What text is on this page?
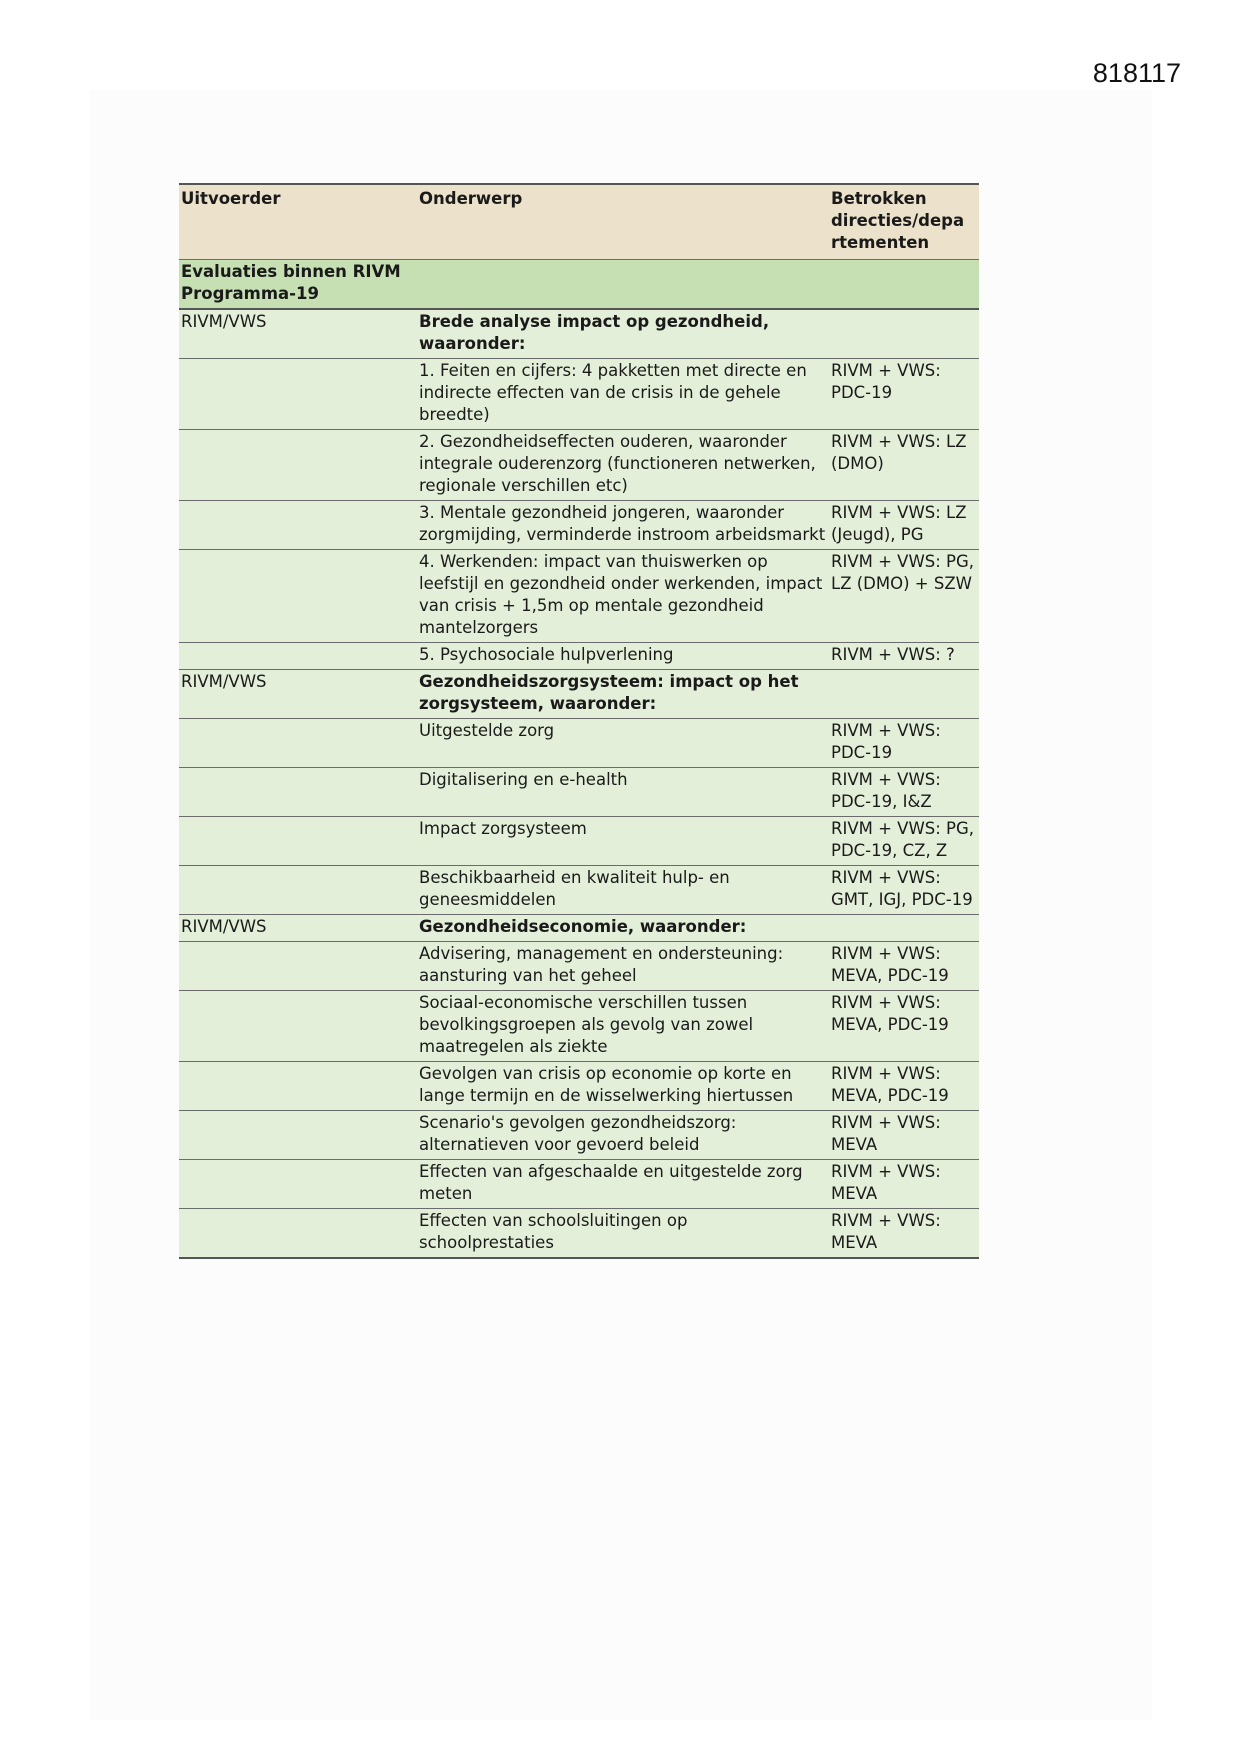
818117
Uitvoerder	Onderwerp	Betrokken directies/depa rtementen
Evaluaties binnen RIVM Programma-19		
RIVM/VWS	Brede analyse impact op gezondheid, waaronder:	
	1. Feiten en cijfers: 4 pakketten met directe en indirecte effecten van de crisis in de gehele breedte)	RIVM + VWS: PDC-19
	2. Gezondheidseffecten ouderen, waaronder integrale ouderenzorg (functioneren netwerken, regionale verschillen etc)	RIVM + VWS: LZ (DMO)
	3. Mentale gezondheid jongeren, waaronder zorgmijding, verminderde instroom arbeidsmarkt	RIVM + VWS: LZ (Jeugd), PG
	4. Werkenden: impact van thuiswerken op leefstijl en gezondheid onder werkenden, impact van crisis + 1,5m op mentale gezondheid mantelzorgers	RIVM + VWS: PG, LZ (DMO) + SZW
	5. Psychosociale hulpverlening	RIVM + VWS: ?
RIVM/VWS	Gezondheidszorgsysteem: impact op het zorgsysteem, waaronder:	
	Uitgestelde zorg	RIVM + VWS: PDC-19
	Digitalisering en e-health	RIVM + VWS: PDC-19, I&Z
	Impact zorgsysteem	RIVM + VWS: PG, PDC-19, CZ, Z
	Beschikbaarheid en kwaliteit hulp- en geneesmiddelen	RIVM + VWS: GMT, IGJ, PDC-19
RIVM/VWS	Gezondheidseconomie, waaronder:	
	Advisering, management en ondersteuning: aansturing van het geheel	RIVM + VWS: MEVA, PDC-19
	Sociaal-economische verschillen tussen bevolkingsgroepen als gevolg van zowel maatregelen als ziekte	RIVM + VWS: MEVA, PDC-19
	Gevolgen van crisis op economie op korte en lange termijn en de wisselwerking hiertussen	RIVM + VWS: MEVA, PDC-19
	Scenario's gevolgen gezondheidszorg: alternatieven voor gevoerd beleid	RIVM + VWS: MEVA
	Effecten van afgeschaalde en uitgestelde zorg meten	RIVM + VWS: MEVA
	Effecten van schoolsluitingen op schoolprestaties	RIVM + VWS: MEVA
